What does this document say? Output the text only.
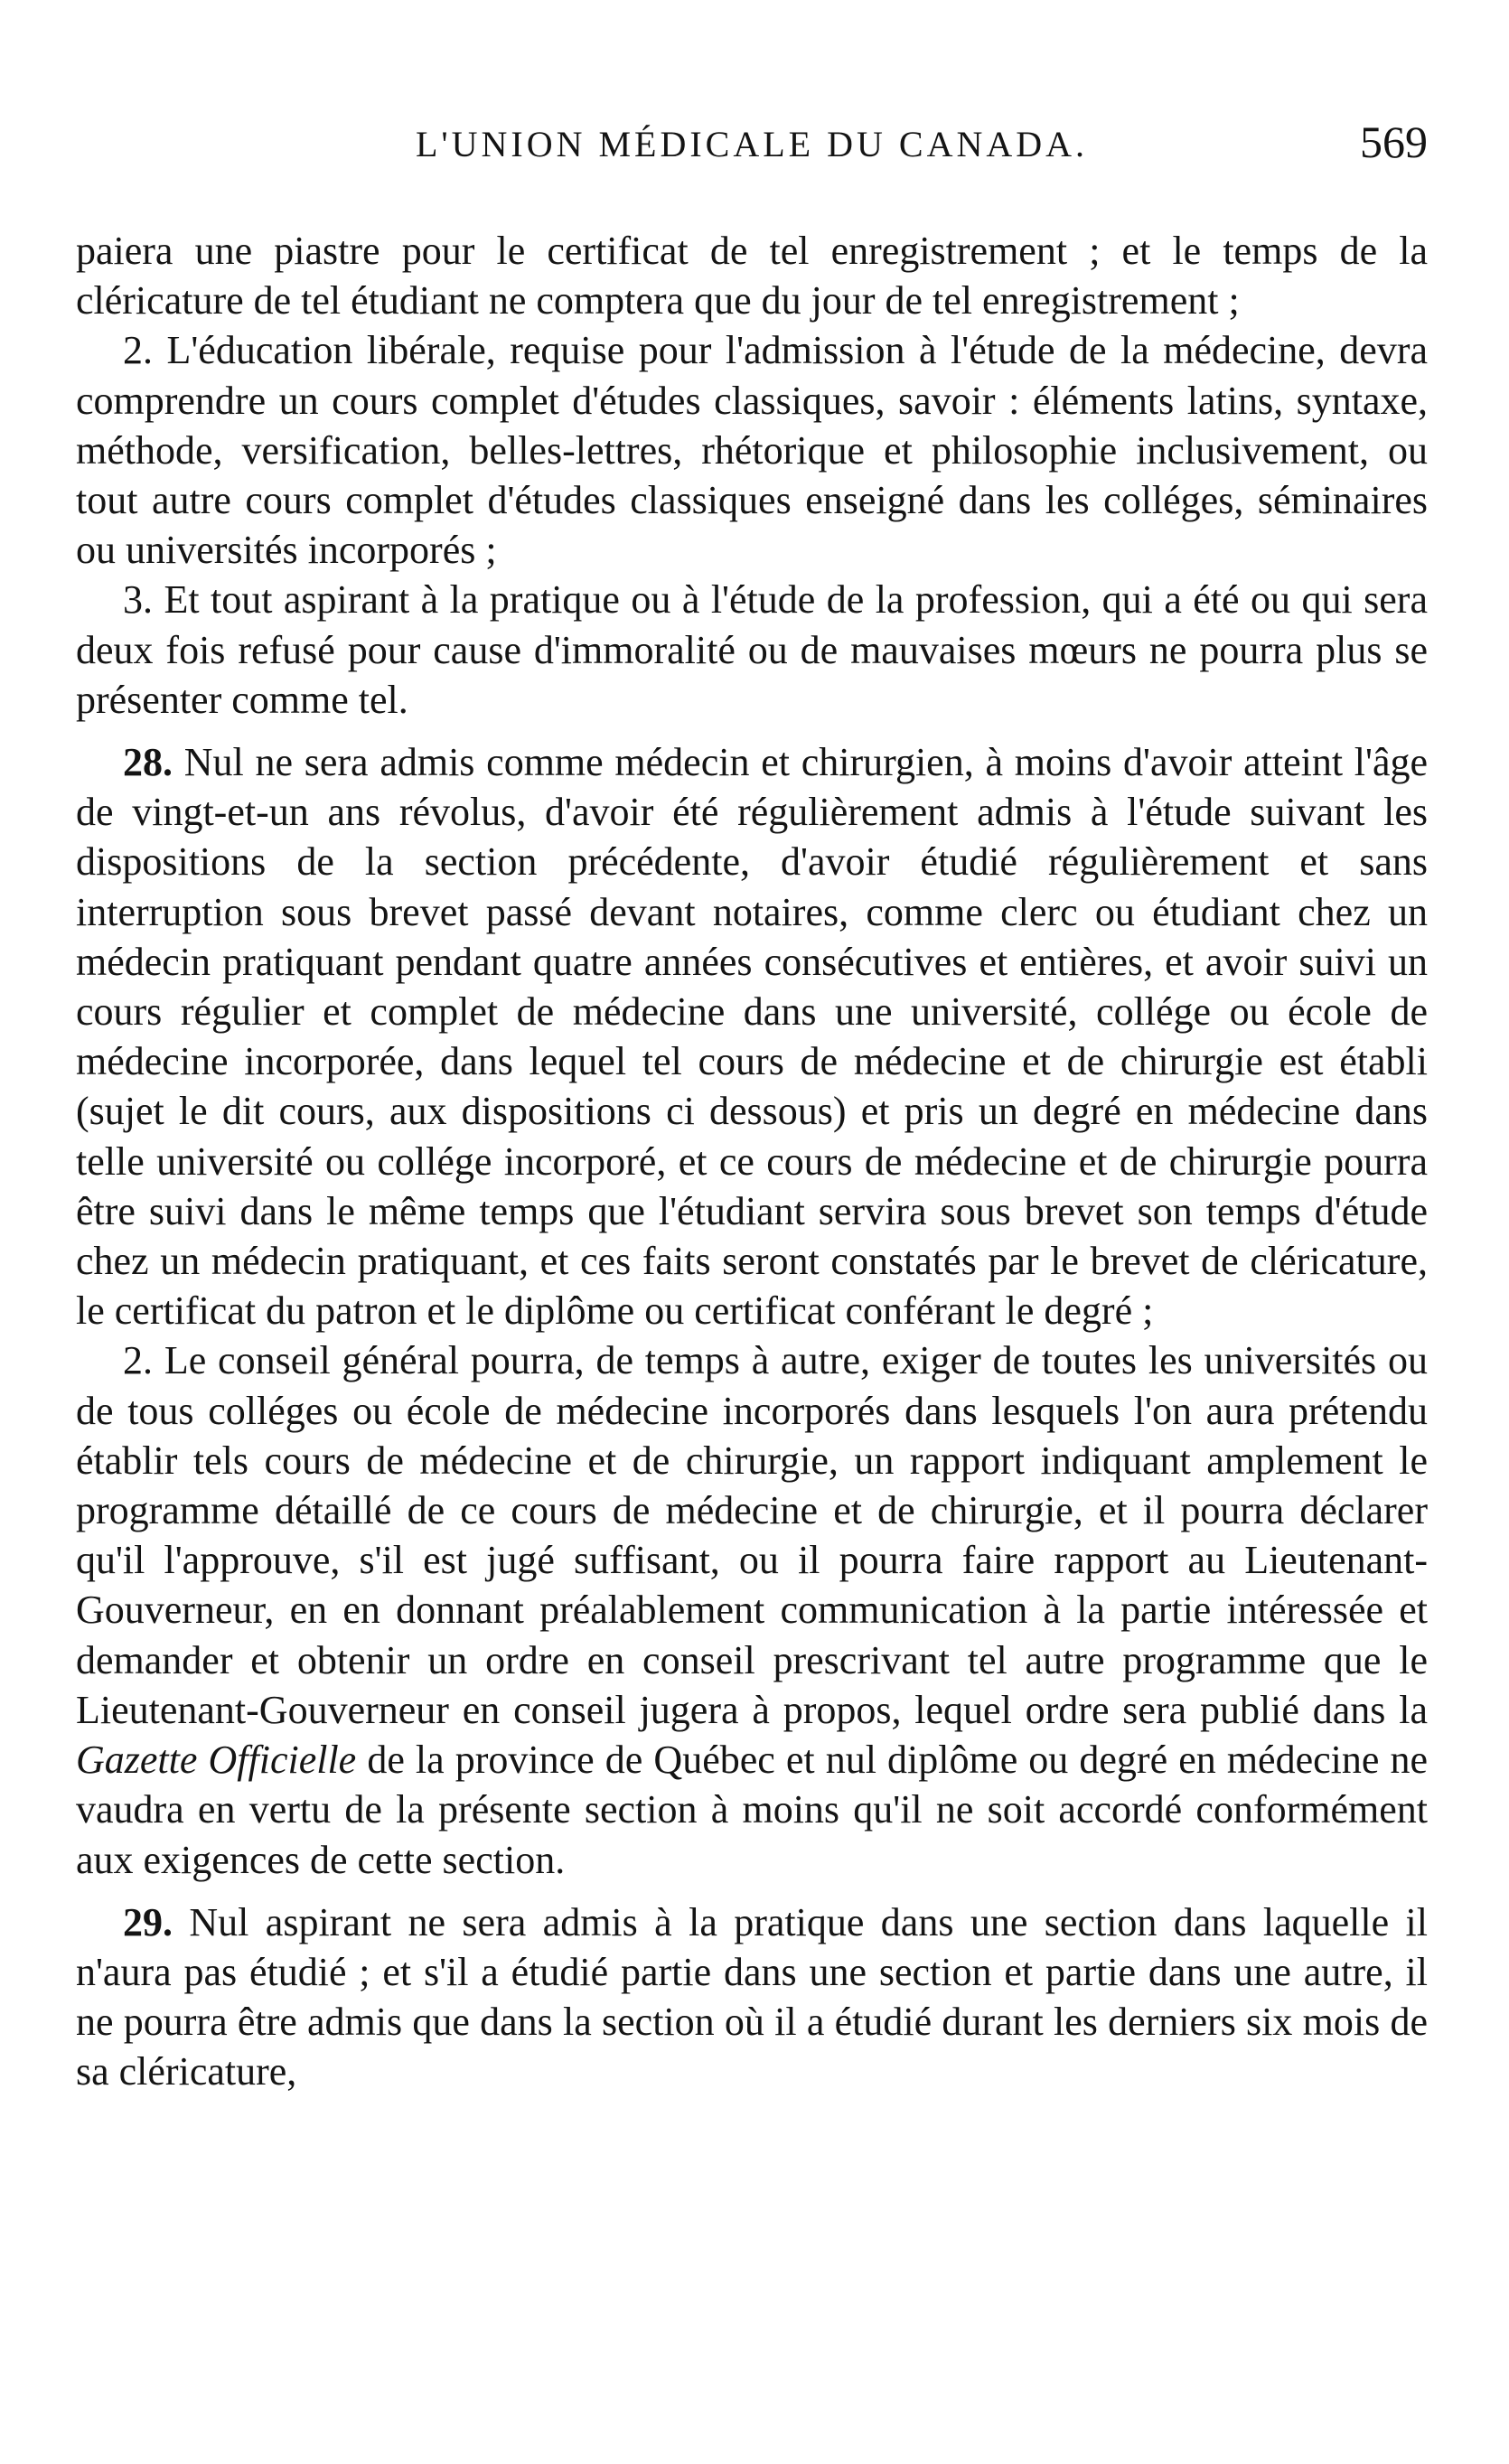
L'UNION MÉDICALE DU CANADA.	569

paiera une piastre pour le certificat de tel enregistrement ; et le temps de la cléricature de tel étudiant ne comptera que du jour de tel enregistrement ;

2. L'éducation libérale, requise pour l'admission à l'étude de la médecine, devra comprendre un cours complet d'études classiques, savoir : éléments latins, syntaxe, méthode, versification, belles-lettres, rhétorique et philosophie inclusivement, ou tout autre cours complet d'études classiques enseigné dans les colléges, séminaires ou universités incorporés ;

3. Et tout aspirant à la pratique ou à l'étude de la profession, qui a été ou qui sera deux fois refusé pour cause d'immoralité ou de mauvaises mœurs ne pourra plus se présenter comme tel.

28. Nul ne sera admis comme médecin et chirurgien, à moins d'avoir atteint l'âge de vingt-et-un ans révolus, d'avoir été régulièrement admis à l'étude suivant les dispositions de la section précédente, d'avoir étudié régulièrement et sans interruption sous brevet passé devant notaires, comme clerc ou étudiant chez un médecin pratiquant pendant quatre années consécutives et entières, et avoir suivi un cours régulier et complet de médecine dans une université, collége ou école de médecine incorporée, dans lequel tel cours de médecine et de chirurgie est établi (sujet le dit cours, aux dispositions ci dessous) et pris un degré en médecine dans telle université ou collége incorporé, et ce cours de médecine et de chirurgie pourra être suivi dans le même temps que l'étudiant servira sous brevet son temps d'étude chez un médecin pratiquant, et ces faits seront constatés par le brevet de cléricature, le certificat du patron et le diplôme ou certificat conférant le degré ;

2. Le conseil général pourra, de temps à autre, exiger de toutes les universités ou de tous colléges ou école de médecine incorporés dans lesquels l'on aura prétendu établir tels cours de médecine et de chirurgie, un rapport indiquant amplement le programme détaillé de ce cours de médecine et de chirurgie, et il pourra déclarer qu'il l'approuve, s'il est jugé suffisant, ou il pourra faire rapport au Lieutenant-Gouverneur, en en donnant préalablement communication à la partie intéressée et demander et obtenir un ordre en conseil prescrivant tel autre programme que le Lieutenant-Gouverneur en conseil jugera à propos, lequel ordre sera publié dans la Gazette Officielle de la province de Québec et nul diplôme ou degré en médecine ne vaudra en vertu de la présente section à moins qu'il ne soit accordé conformément aux exigences de cette section.

29. Nul aspirant ne sera admis à la pratique dans une section dans laquelle il n'aura pas étudié ; et s'il a étudié partie dans une section et partie dans une autre, il ne pourra être admis que dans la section où il a étudié durant les derniers six mois de sa cléricature,
